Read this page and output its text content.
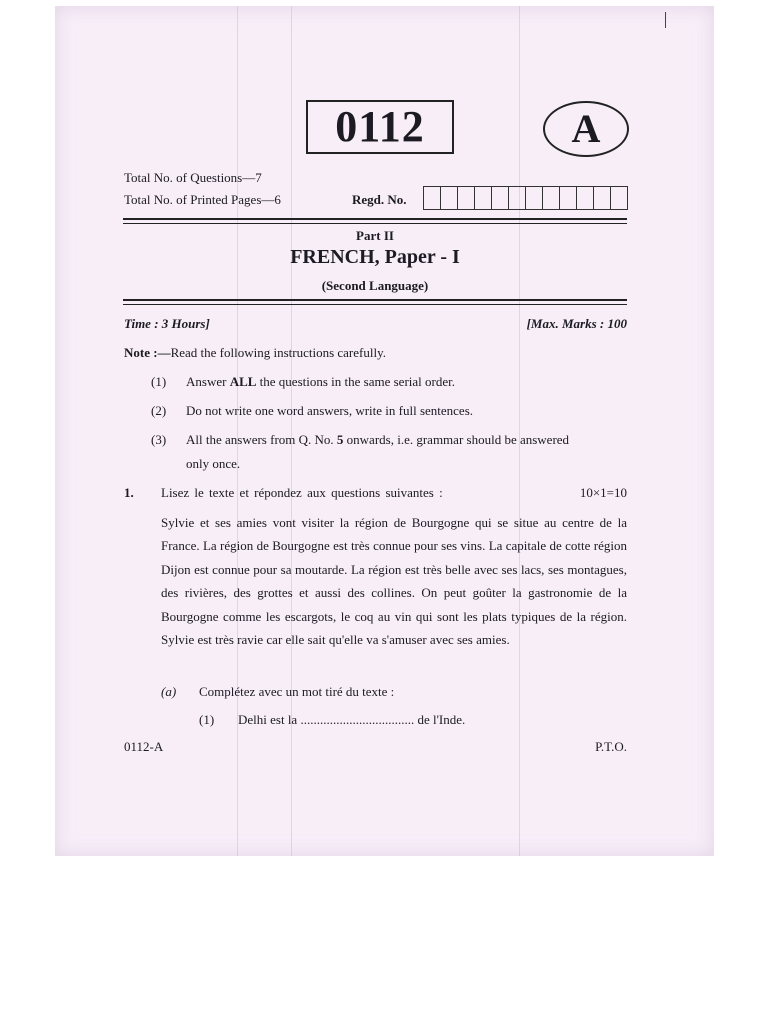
0112	A
Total No. of Questions—7
Total No. of Printed Pages—6	Regd. No.
Part II
FRENCH, Paper - I
(Second Language)
Time : 3 Hours]	[Max. Marks : 100
Note :—Read the following instructions carefully.
(1) Answer ALL the questions in the same serial order.
(2) Do not write one word answers, write in full sentences.
(3) All the answers from Q. No. 5 onwards, i.e. grammar should be answered
only once.
1. Lisez le texte et répondez aux questions suivantes :	10×1=10
Sylvie et ses amies vont visiter la région de Bourgogne qui se situe au centre de la France. La région de Bourgogne est très connue pour ses vins. La capitale de cotte région Dijon est connue pour sa moutarde. La région est très belle avec ses lacs, ses montagues, des rivières, des grottes et aussi des collines. On peut goûter la gastronomie de la Bourgogne comme les escargots, le coq au vin qui sont les plats typiques de la région. Sylvie est très ravie car elle sait qu'elle va s'amuser avec ses amies.
(a) Complétez avec un mot tiré du texte :
(1) Delhi est la ................................... de l'Inde.
0112-A	P.T.O.
